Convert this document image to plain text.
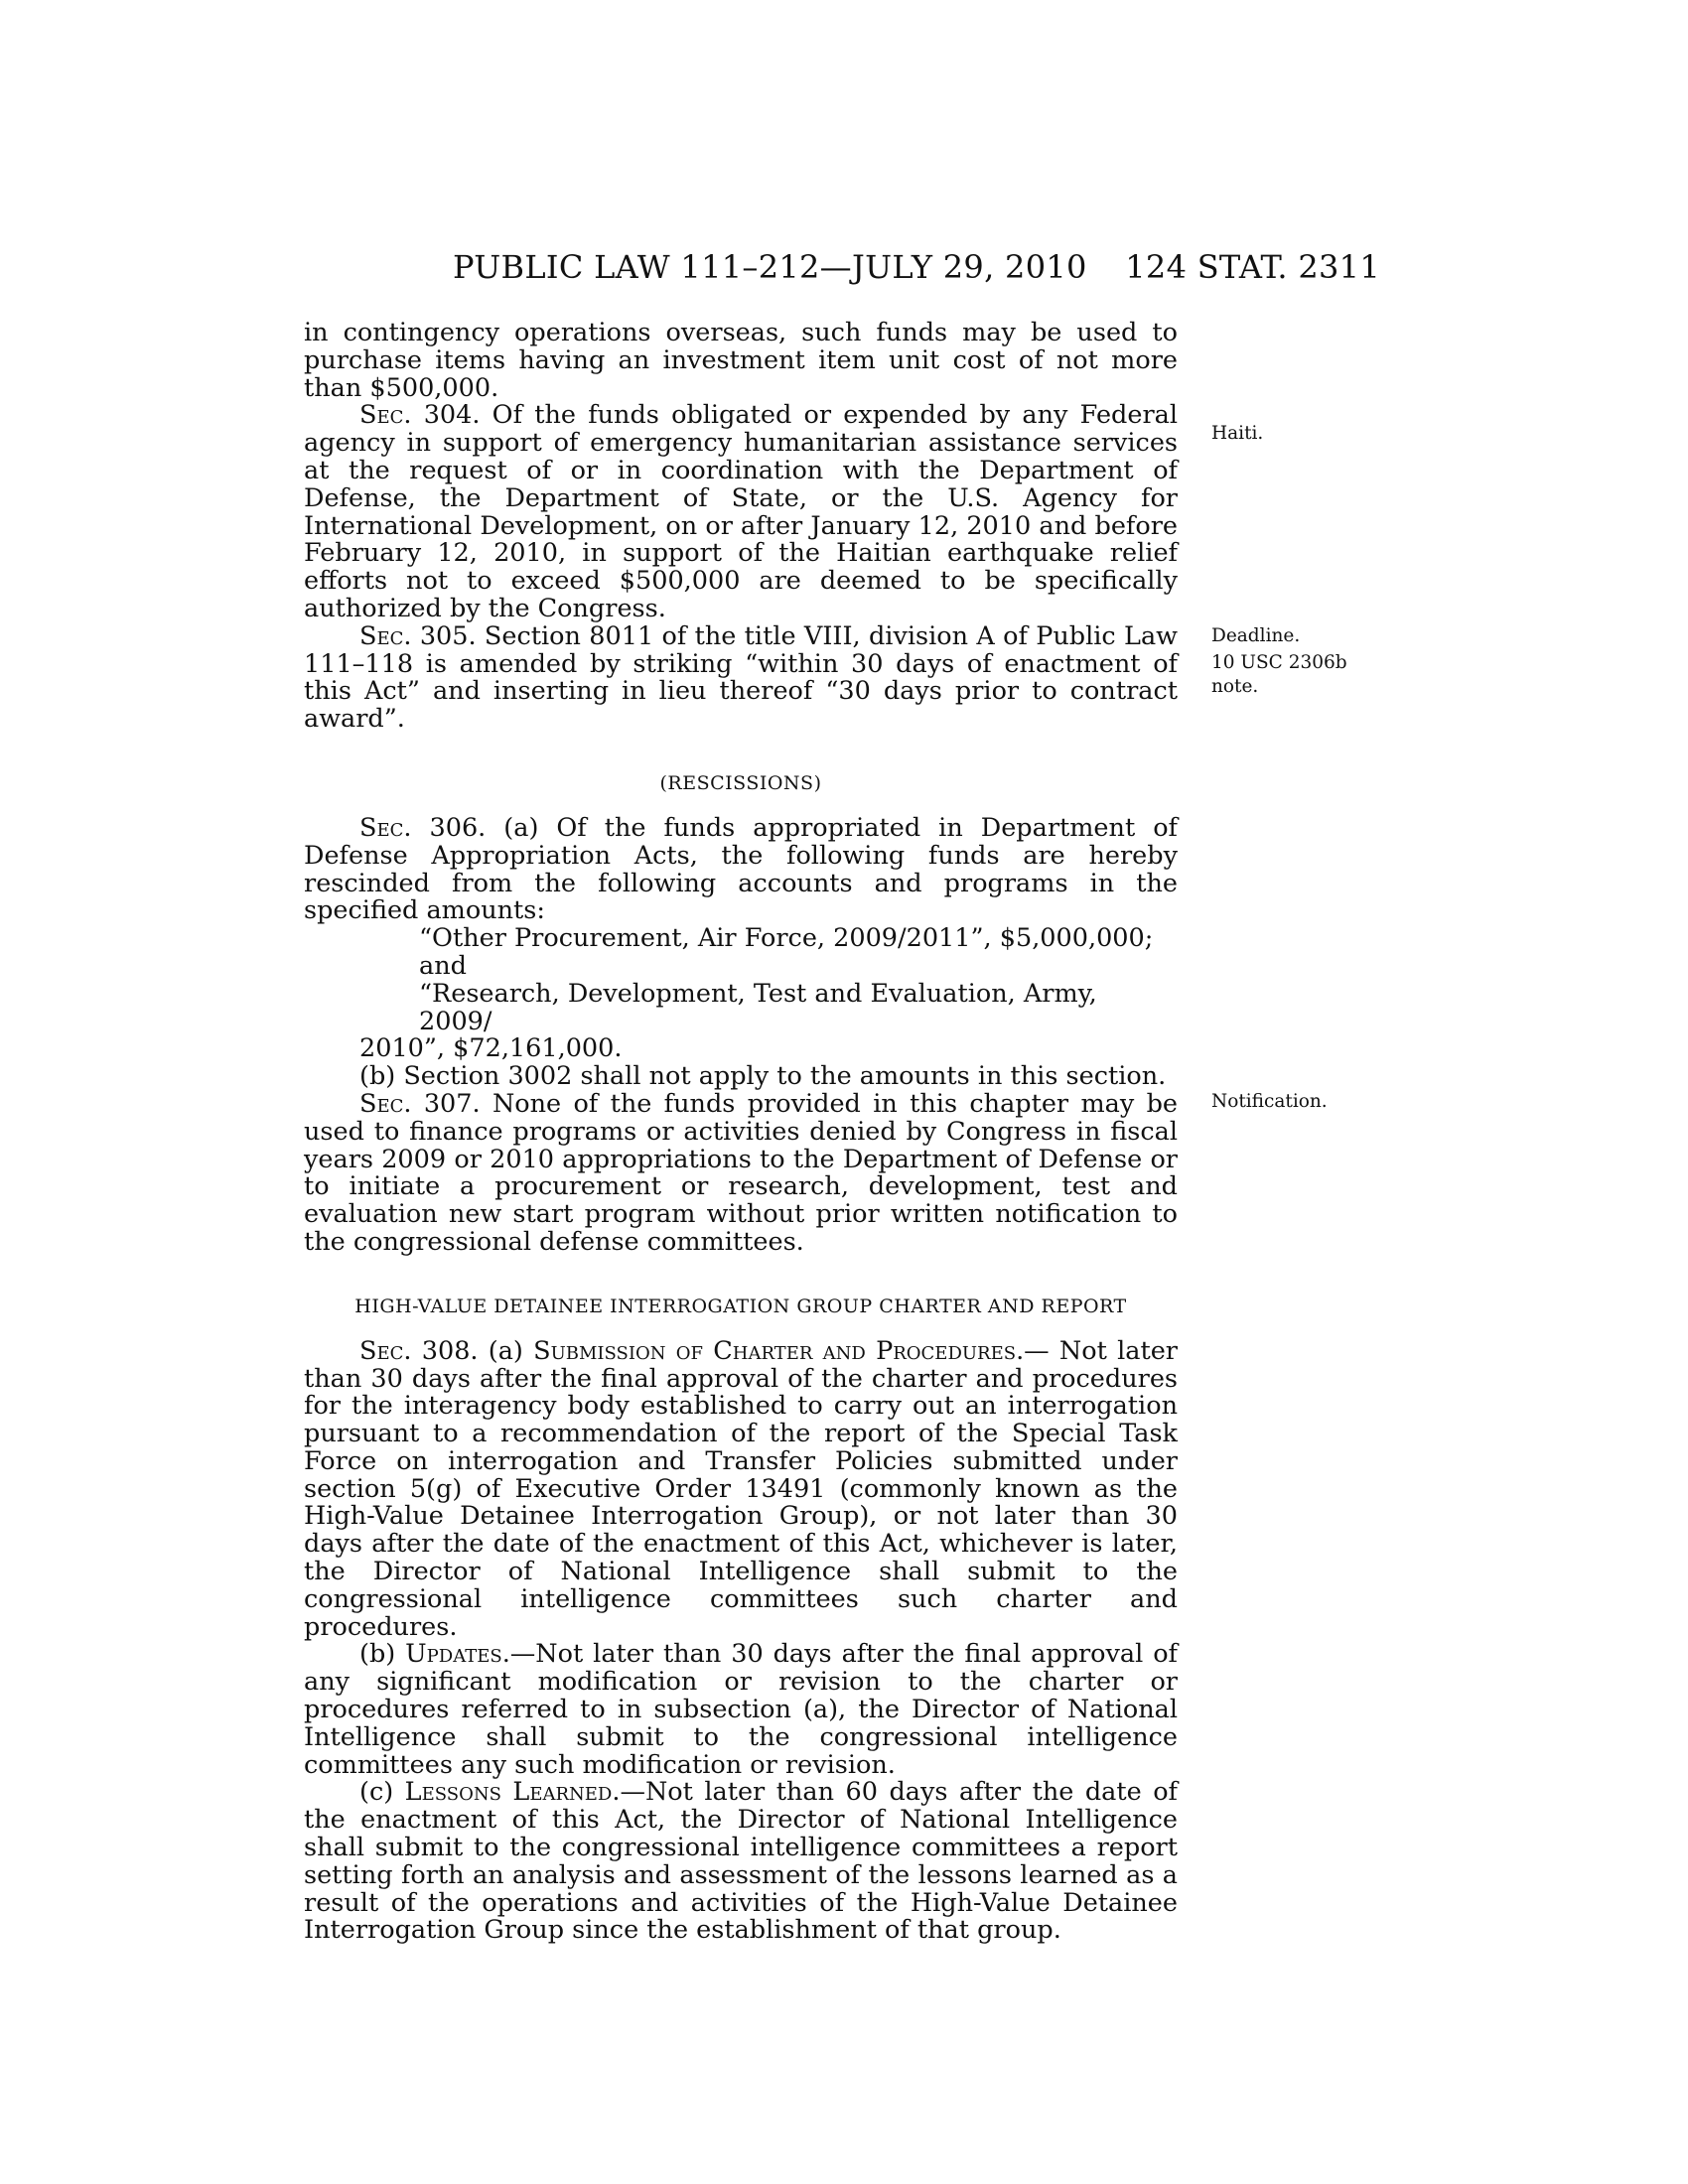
PUBLIC LAW 111–212—JULY 29, 2010 124 STAT. 2311
Haiti.
Deadline.
10 USC 2306b
note.
Notification.

in contingency operations overseas, such funds may be used to purchase items having an investment item unit cost of not more than $500,000.

Sec. 304. Of the funds obligated or expended by any Federal agency in support of emergency humanitarian assistance services at the request of or in coordination with the Department of Defense, the Department of State, or the U.S. Agency for International Development, on or after January 12, 2010 and before February 12, 2010, in support of the Haitian earthquake relief efforts not to exceed $500,000 are deemed to be specifically authorized by the Congress.

Sec. 305. Section 8011 of the title VIII, division A of Public Law 111–118 is amended by striking “within 30 days of enactment of this Act” and inserting in lieu thereof “30 days prior to contract award”.

(RESCISSIONS)

Sec. 306. (a) Of the funds appropriated in Department of Defense Appropriation Acts, the following funds are hereby rescinded from the following accounts and programs in the specified amounts:

“Other Procurement, Air Force, 2009/2011”, $5,000,000; and

“Research, Development, Test and Evaluation, Army, 2009/

2010”, $72,161,000.

(b) Section 3002 shall not apply to the amounts in this section.

Sec. 307. None of the funds provided in this chapter may be used to finance programs or activities denied by Congress in fiscal years 2009 or 2010 appropriations to the Department of Defense or to initiate a procurement or research, development, test and evaluation new start program without prior written notification to the congressional defense committees.

HIGH-VALUE DETAINEE INTERROGATION GROUP CHARTER AND REPORT

Sec. 308. (a) Submission of Charter and Procedures.— Not later than 30 days after the final approval of the charter and procedures for the interagency body established to carry out an interrogation pursuant to a recommendation of the report of the Special Task Force on interrogation and Transfer Policies submitted under section 5(g) of Executive Order 13491 (commonly known as the High-Value Detainee Interrogation Group), or not later than 30 days after the date of the enactment of this Act, whichever is later, the Director of National Intelligence shall submit to the congressional intelligence committees such charter and procedures.

(b) Updates.—Not later than 30 days after the final approval of any significant modification or revision to the charter or procedures referred to in subsection (a), the Director of National Intelligence shall submit to the congressional intelligence committees any such modification or revision.

(c) Lessons Learned.—Not later than 60 days after the date of the enactment of this Act, the Director of National Intelligence shall submit to the congressional intelligence committees a report setting forth an analysis and assessment of the lessons learned as a result of the operations and activities of the High-Value Detainee Interrogation Group since the establishment of that group.
